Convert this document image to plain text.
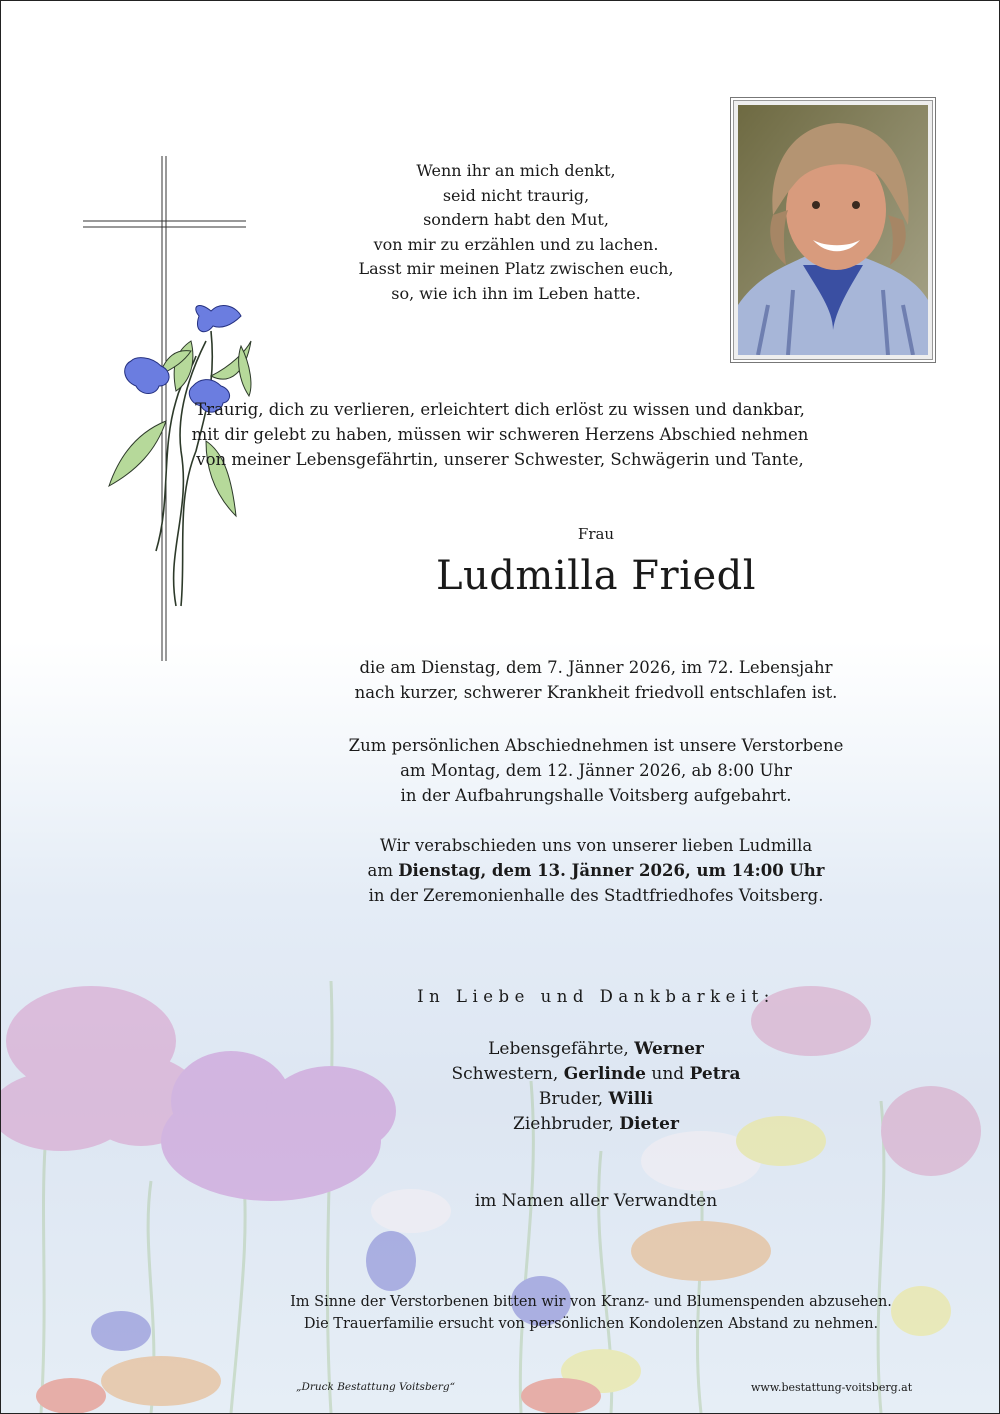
Wenn ihr an mich denkt,
seid nicht traurig,
sondern habt den Mut,
von mir zu erzählen und zu lachen.
Lasst mir meinen Platz zwischen euch,
so, wie ich ihn im Leben hatte.
Traurig, dich zu verlieren, erleichtert dich erlöst zu wissen und dankbar,
mit dir gelebt zu haben, müssen wir schweren Herzens Abschied nehmen
von meiner Lebensgefährtin, unserer Schwester, Schwägerin und Tante,
Frau
Ludmilla Friedl
die am Dienstag, dem 7. Jänner 2026, im 72. Lebensjahr
nach kurzer, schwerer Krankheit friedvoll entschlafen ist.
Zum persönlichen Abschiednehmen ist unsere Verstorbene
am Montag, dem 12. Jänner 2026, ab 8:00 Uhr
in der Aufbahrungshalle Voitsberg aufgebahrt.
Wir verabschieden uns von unserer lieben Ludmilla
am Dienstag, dem 13. Jänner 2026, um 14:00 Uhr
in der Zeremonienhalle des Stadtfriedhofes Voitsberg.
In Liebe und Dankbarkeit:
Lebensgefährte, Werner
Schwestern, Gerlinde und Petra
Bruder, Willi
Ziehbruder, Dieter
im Namen aller Verwandten
Im Sinne der Verstorbenen bitten wir von Kranz- und Blumenspenden abzusehen.
Die Trauerfamilie ersucht von persönlichen Kondolenzen Abstand zu nehmen.
„Druck Bestattung Voitsberg“	www.bestattung-voitsberg.at
